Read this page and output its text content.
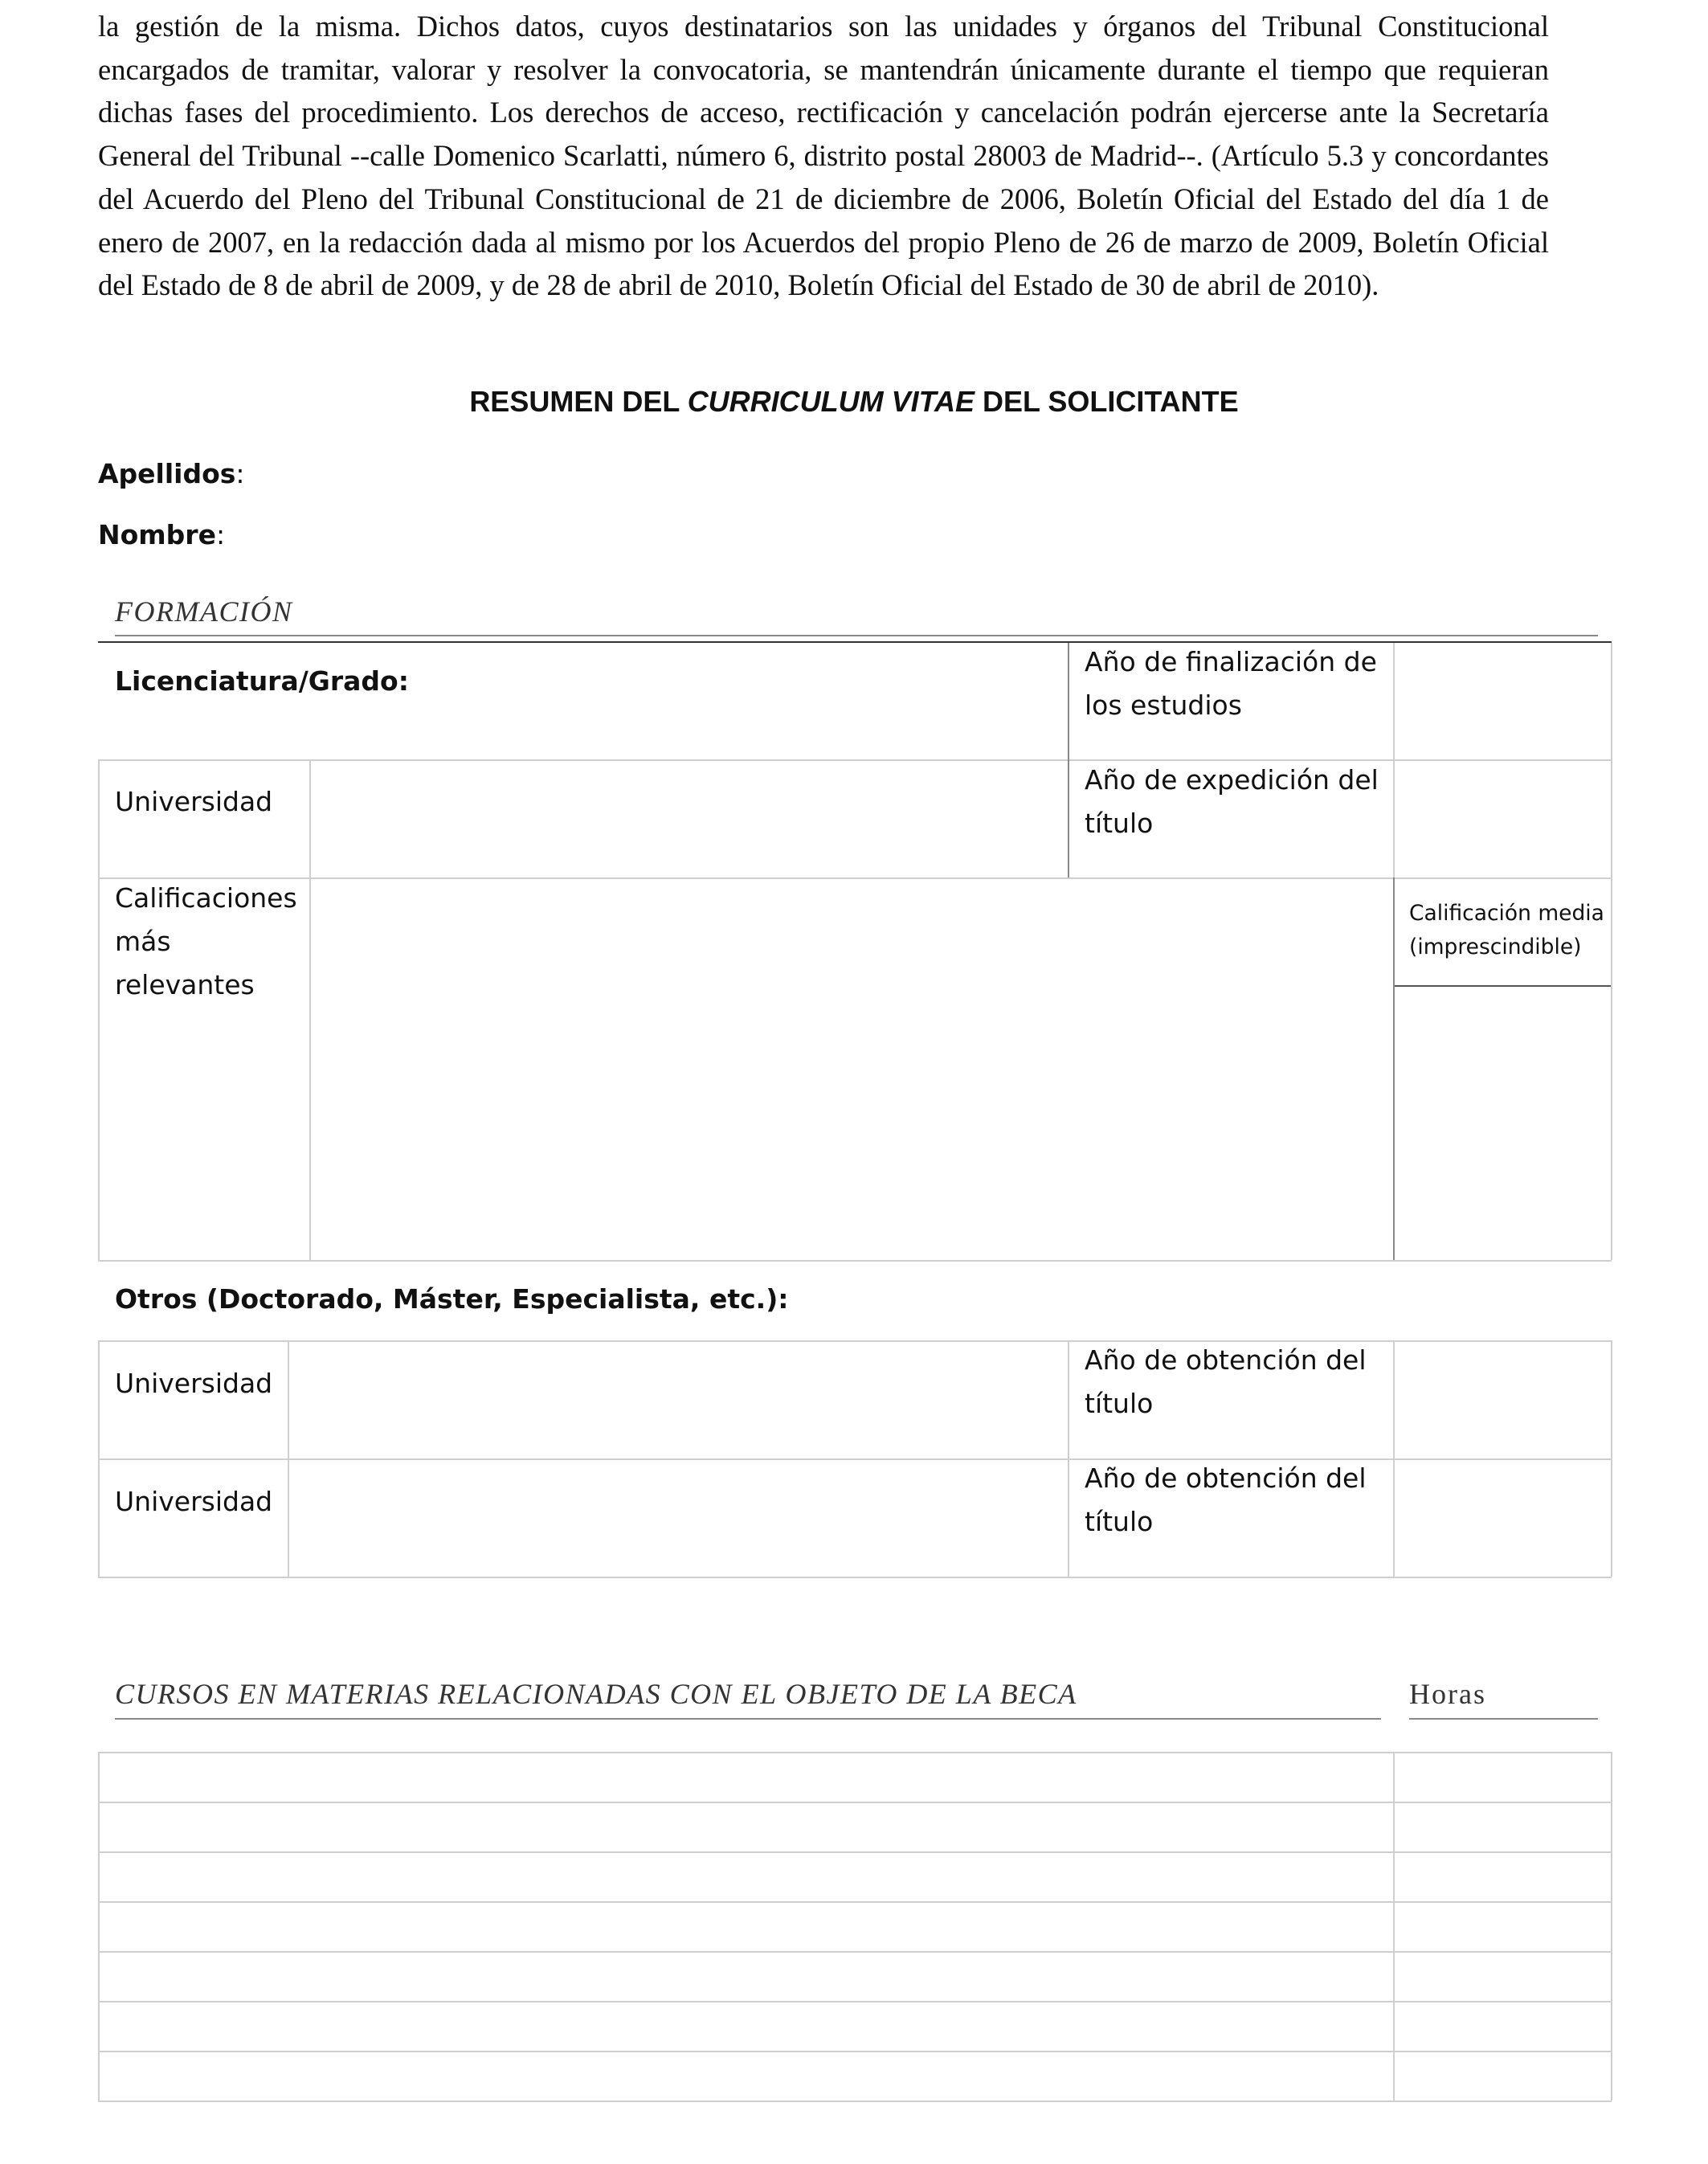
la gestión de la misma. Dichos datos, cuyos destinatarios son las unidades y órganos del Tribunal Constitucional encargados de tramitar, valorar y resolver la convocatoria, se mantendrán únicamente durante el tiempo que requieran dichas fases del procedimiento. Los derechos de acceso, rectificación y cancelación podrán ejercerse ante la Secretaría General del Tribunal --calle Domenico Scarlatti, número 6, distrito postal 28003 de Madrid--. (Artículo 5.3 y concordantes del Acuerdo del Pleno del Tribunal Constitucional de 21 de diciembre de 2006, Boletín Oficial del Estado del día 1 de enero de 2007, en la redacción dada al mismo por los Acuerdos del propio Pleno de 26 de marzo de 2009, Boletín Oficial del Estado de 8 de abril de 2009, y de 28 de abril de 2010, Boletín Oficial del Estado de 30 de abril de 2010).

RESUMEN DEL CURRICULUM VITAE DEL SOLICITANTE
Apellidos:
Nombre:
FORMACIÓN
Licenciatura/Grado:
Año de finalización de
los estudios
Universidad
Año de expedición del
título
Calificaciones
más
relevantes
Calificación media
(imprescindible)
Otros (Doctorado, Máster, Especialista, etc.):
Universidad
Año de obtención del
título
Universidad
Año de obtención del
título
CURSOS EN MATERIAS RELACIONADAS CON EL OBJETO DE LA BECA	Horas
